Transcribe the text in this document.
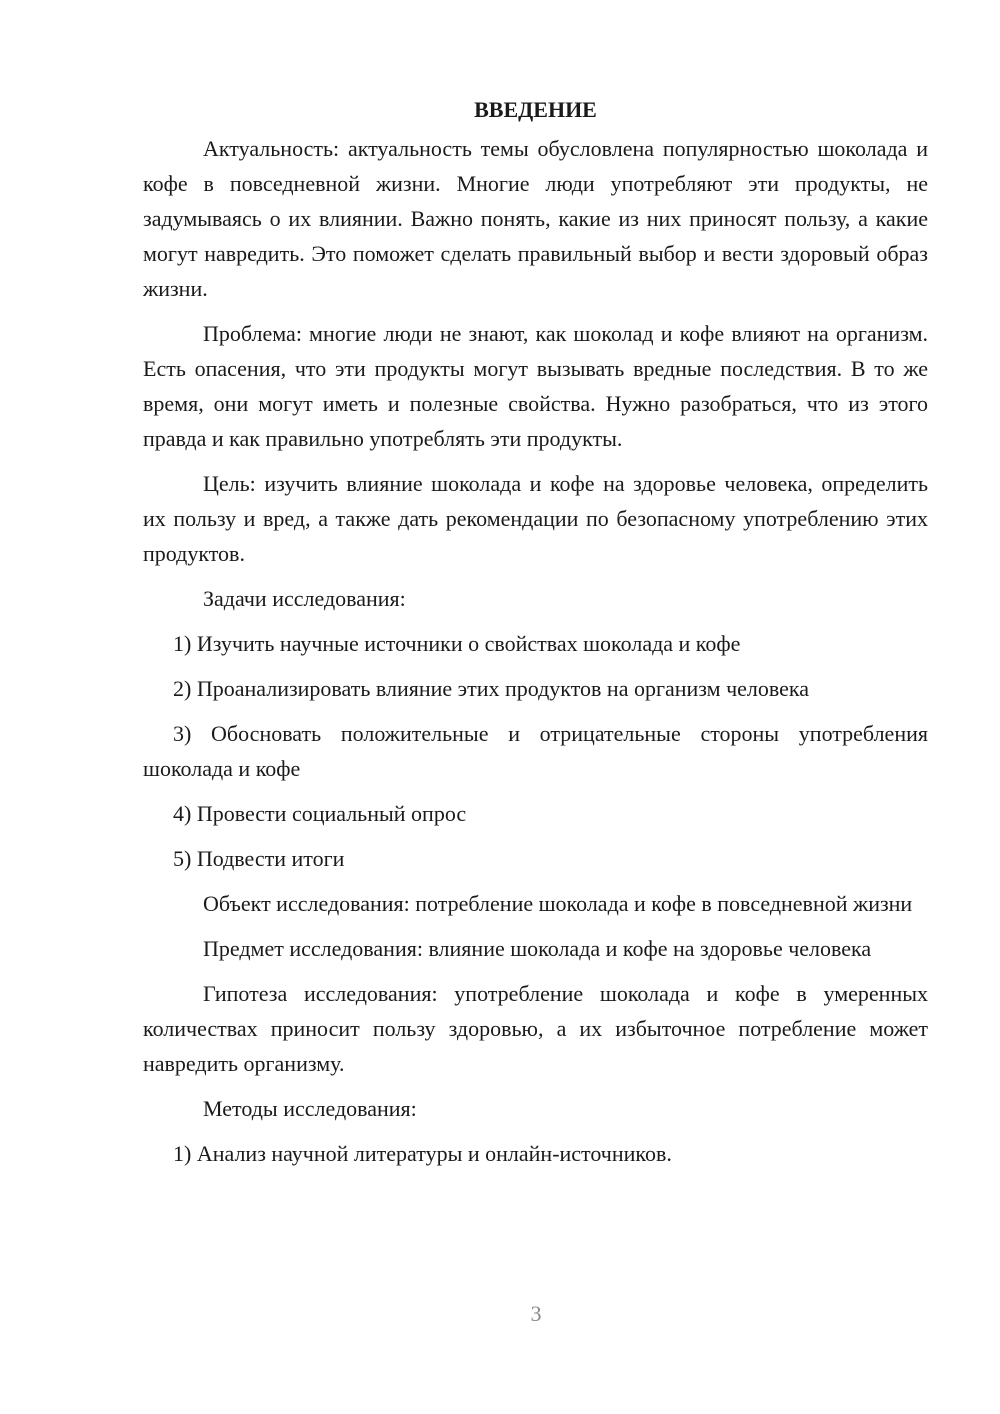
ВВЕДЕНИЕ

Актуальность: актуальность темы обусловлена популярностью шоколада и кофе в повседневной жизни. Многие люди употребляют эти продукты, не задумываясь о их влиянии. Важно понять, какие из них приносят пользу, а какие могут навредить. Это поможет сделать правильный выбор и вести здоровый образ жизни.

Проблема: многие люди не знают, как шоколад и кофе влияют на организм. Есть опасения, что эти продукты могут вызывать вредные последствия. В то же время, они могут иметь и полезные свойства. Нужно разобраться, что из этого правда и как правильно употреблять эти продукты.

Цель: изучить влияние шоколада и кофе на здоровье человека, определить их пользу и вред, а также дать рекомендации по безопасному употреблению этих продуктов.

Задачи исследования:

1) Изучить научные источники о свойствах шоколада и кофе

2) Проанализировать влияние этих продуктов на организм человека

3) Обосновать положительные и отрицательные стороны употребления шоколада и кофе

4) Провести социальный опрос

5) Подвести итоги

Объект исследования: потребление шоколада и кофе в повседневной жизни

Предмет исследования: влияние шоколада и кофе на здоровье человека

Гипотеза исследования: употребление шоколада и кофе в умеренных количествах приносит пользу здоровью, а их избыточное потребление может навредить организму.

Методы исследования:

1) Анализ научной литературы и онлайн-источников.

3
